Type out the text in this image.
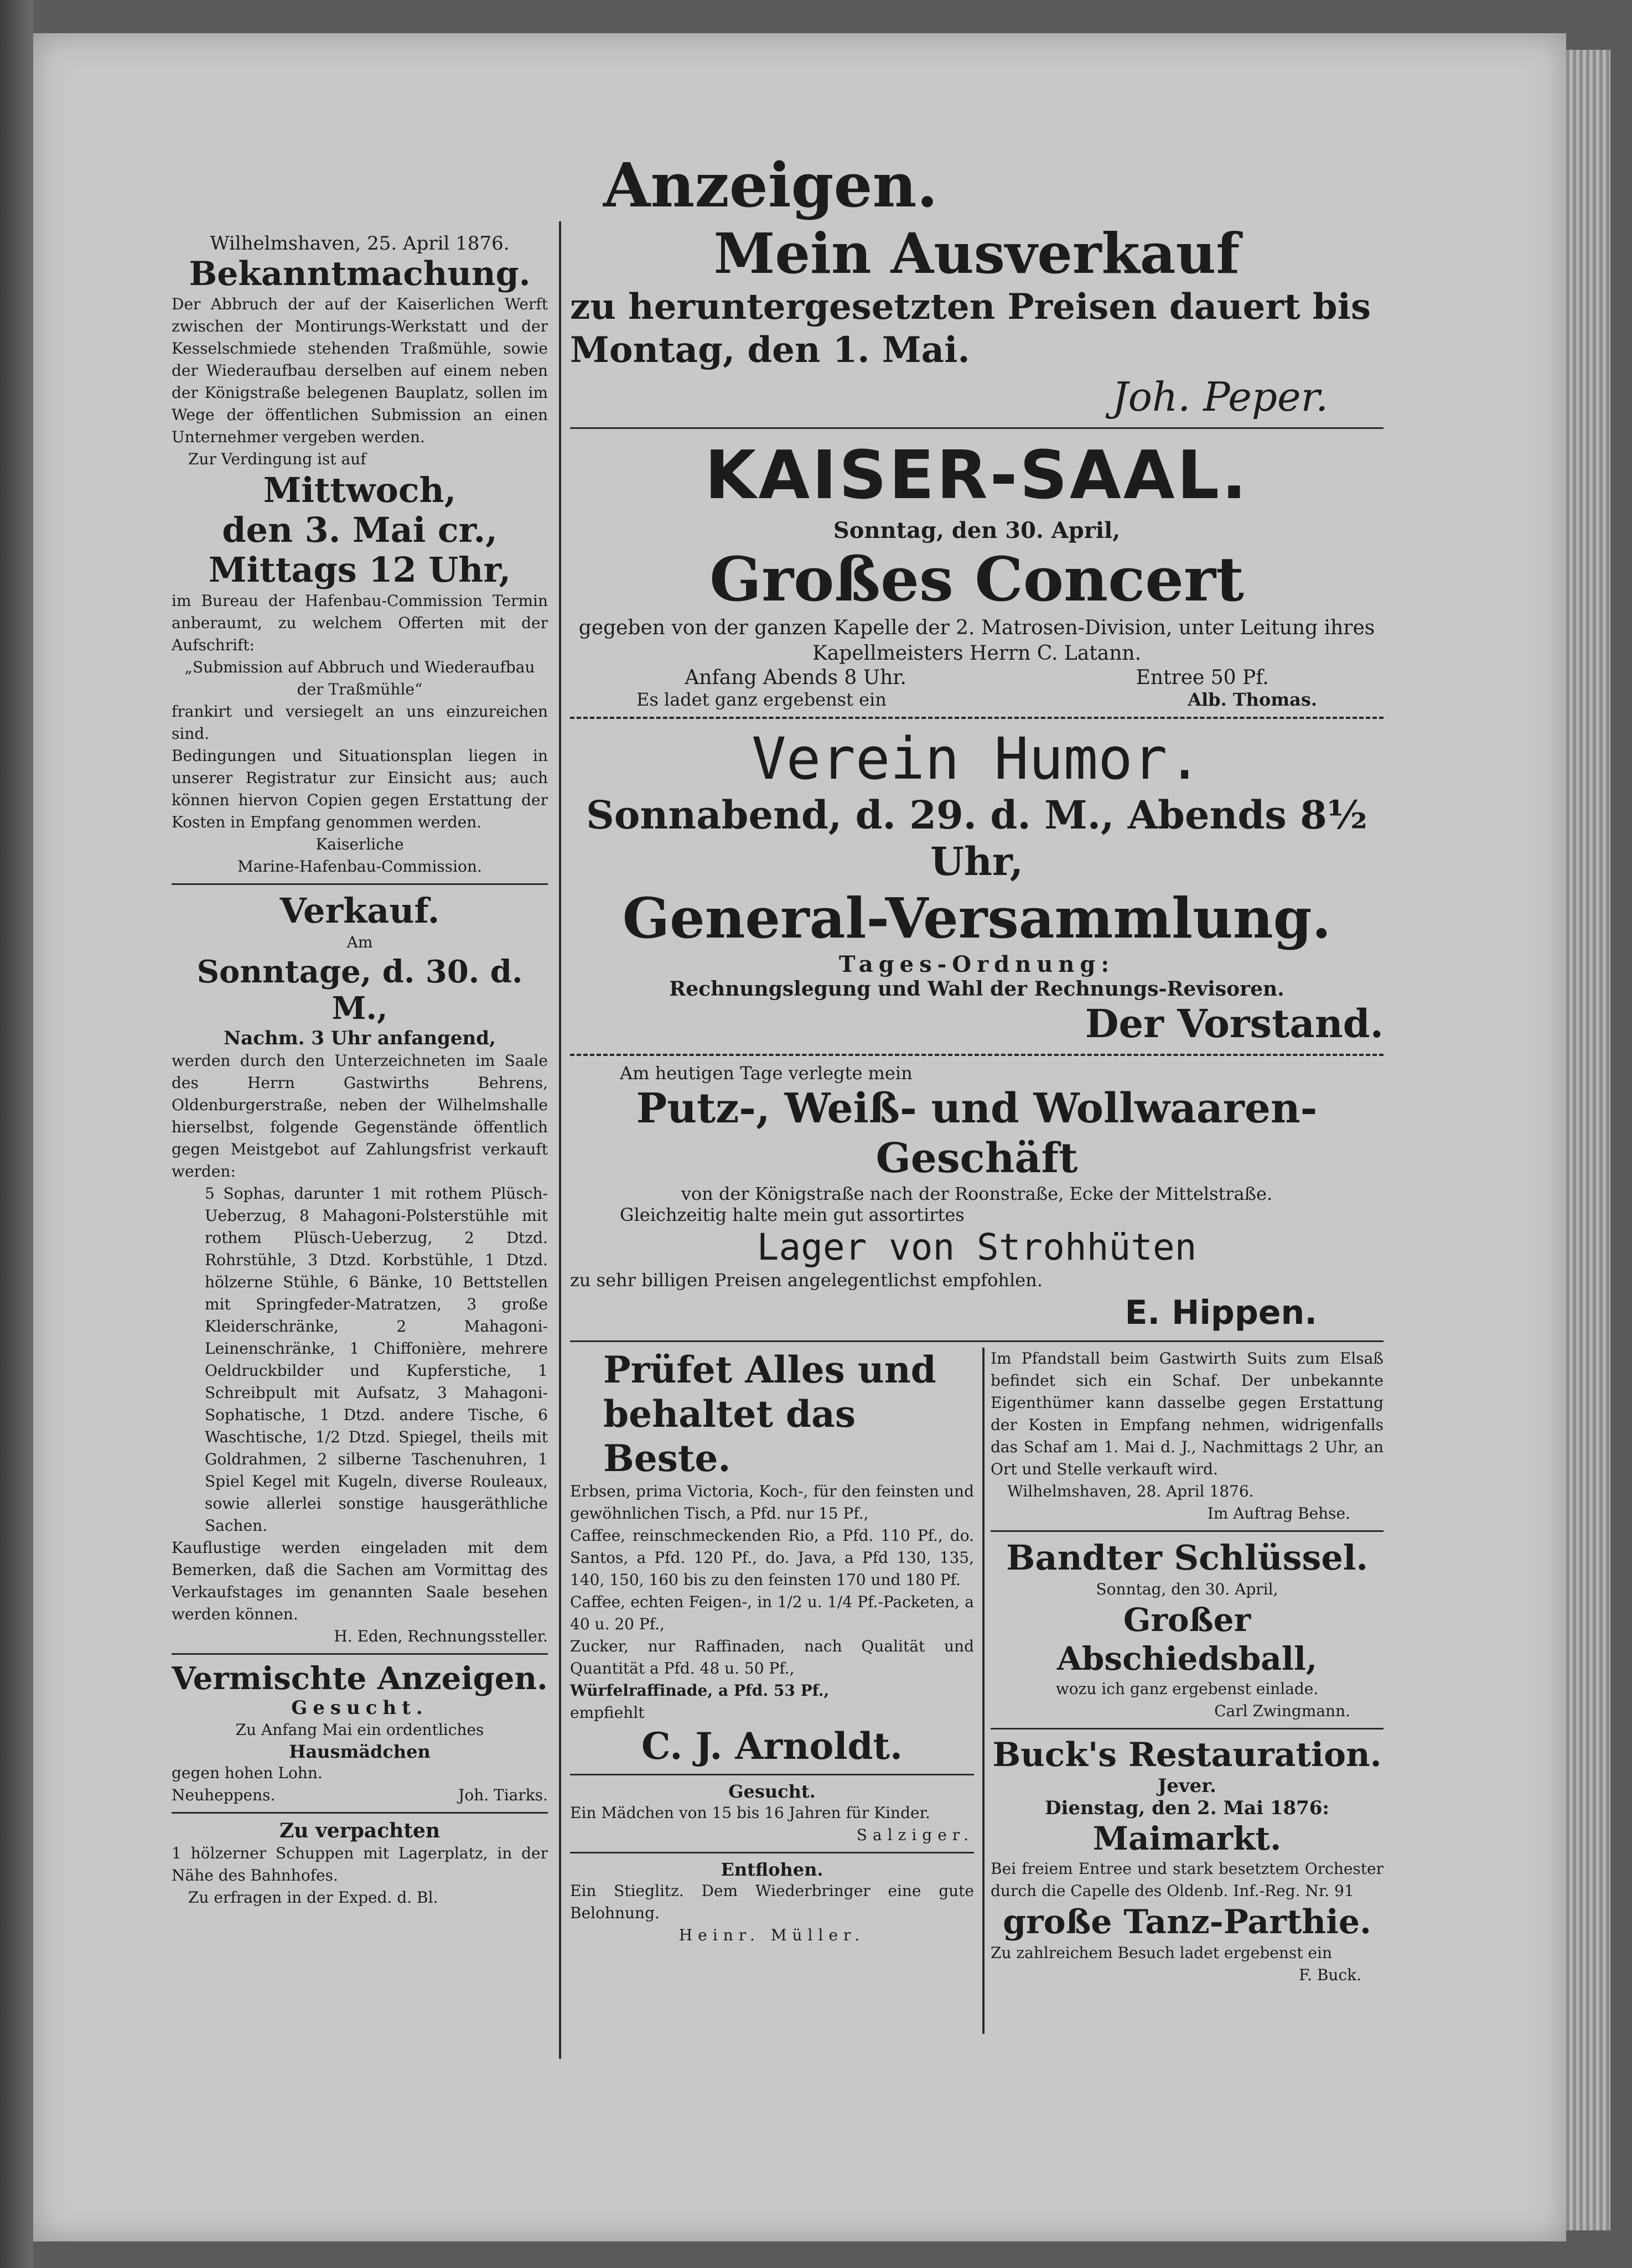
Wilhelmshaven, 25. April 1876.

Bekanntmachung.

Der Abbruch der auf der Kaiserlichen Werft zwischen der Montirungs-Werkstatt und der Kesselschmiede stehenden Traßmühle, sowie der Wiederaufbau derselben auf einem neben der Königstraße belegenen Bauplatz, sollen im Wege der öffentlichen Submission an einen Unternehmer vergeben werden.

Zur Verdingung ist auf

Mittwoch,

den 3. Mai cr.,

Mittags 12 Uhr,

im Bureau der Hafenbau-Commission Termin anberaumt, zu welchem Offerten mit der Aufschrift:

„Submission auf Abbruch und Wiederaufbau der Traßmühle“

frankirt und versiegelt an uns einzureichen sind.

Bedingungen und Situationsplan liegen in unserer Registratur zur Einsicht aus; auch können hiervon Copien gegen Erstattung der Kosten in Empfang genommen werden.

Kaiserliche

Marine-Hafenbau-Commission.

Verkauf.

Am

Sonntage, d. 30. d. M.,

Nachm. 3 Uhr anfangend,

werden durch den Unterzeichneten im Saale des Herrn Gastwirths Behrens, Oldenburgerstraße, neben der Wilhelmshalle hierselbst, folgende Gegenstände öffentlich gegen Meistgebot auf Zahlungsfrist verkauft werden:

5 Sophas, darunter 1 mit rothem Plüsch-Ueberzug, 8 Mahagoni-Polsterstühle mit rothem Plüsch-Ueberzug, 2 Dtzd. Rohrstühle, 3 Dtzd. Korbstühle, 1 Dtzd. hölzerne Stühle, 6 Bänke, 10 Bettstellen mit Springfeder-Matratzen, 3 große Kleiderschränke, 2 Mahagoni-Leinenschränke, 1 Chiffonière, mehrere Oeldruckbilder und Kupferstiche, 1 Schreibpult mit Aufsatz, 3 Mahagoni-Sophatische, 1 Dtzd. andere Tische, 6 Waschtische, 1/2 Dtzd. Spiegel, theils mit Goldrahmen, 2 silberne Taschenuhren, 1 Spiel Kegel mit Kugeln, diverse Rouleaux, sowie allerlei sonstige hausgeräthliche Sachen.

Kauflustige werden eingeladen mit dem Bemerken, daß die Sachen am Vormittag des Verkaufstages im genannten Saale besehen werden können.

H. Eden, Rechnungssteller.

Vermischte Anzeigen.

Gesucht.

Zu Anfang Mai ein ordentliches

Hausmädchen

gegen hohen Lohn.

Neuheppens.	Joh. Tiarks.

Zu verpachten

1 hölzerner Schuppen mit Lagerplatz, in der Nähe des Bahnhofes.

Zu erfragen in der Exped. d. Bl.

Anzeigen.

Mein Ausverkauf

zu heruntergesetzten Preisen dauert bis Montag, den 1. Mai.

Joh. Peper.

KAISER-SAAL.

Sonntag, den 30. April,

Großes Concert

gegeben von der ganzen Kapelle der 2. Matrosen-Division, unter Leitung ihres Kapellmeisters Herrn C. Latann.

Anfang Abends 8 Uhr.	Entree 50 Pf.
Es ladet ganz ergebenst ein	Alb. Thomas.

Verein Humor.

Sonnabend, d. 29. d. M., Abends 8½ Uhr,

General-Versammlung.

Tages-Ordnung:

Rechnungslegung und Wahl der Rechnungs-Revisoren.

Der Vorstand.

Am heutigen Tage verlegte mein

Putz-, Weiß- und Wollwaaren-Geschäft

von der Königstraße nach der Roonstraße, Ecke der Mittelstraße.

Gleichzeitig halte mein gut assortirtes

Lager von Strohhüten

zu sehr billigen Preisen angelegentlichst empfohlen.

E. Hippen.

Prüfet Alles und behaltet das Beste.

Erbsen, prima Victoria, Koch-, für den feinsten und gewöhnlichen Tisch, a Pfd. nur 15 Pf.,

Caffee, reinschmeckenden Rio, a Pfd. 110 Pf., do. Santos, a Pfd. 120 Pf., do. Java, a Pfd 130, 135, 140, 150, 160 bis zu den feinsten 170 und 180 Pf.

Caffee, echten Feigen-, in 1/2 u. 1/4 Pf.-Packeten, a 40 u. 20 Pf.,

Zucker, nur Raffinaden, nach Qualität und Quantität a Pfd. 48 u. 50 Pf.,

Würfelraffinade, a Pfd. 53 Pf.,

empfiehlt

C. J. Arnoldt.

Gesucht.

Ein Mädchen von 15 bis 16 Jahren für Kinder.

Salziger.

Entflohen.

Ein Stieglitz. Dem Wiederbringer eine gute Belohnung.

Heinr. Müller.

Im Pfandstall beim Gastwirth Suits zum Elsaß befindet sich ein Schaf. Der unbekannte Eigenthümer kann dasselbe gegen Erstattung der Kosten in Empfang nehmen, widrigenfalls das Schaf am 1. Mai d. J., Nachmittags 2 Uhr, an Ort und Stelle verkauft wird.

Wilhelmshaven, 28. April 1876.

Im Auftrag Behse.

Bandter Schlüssel.

Sonntag, den 30. April,

Großer Abschiedsball,

wozu ich ganz ergebenst einlade.

Carl Zwingmann.

Buck's Restauration.

Jever.

Dienstag, den 2. Mai 1876:

Maimarkt.

Bei freiem Entree und stark besetztem Orchester durch die Capelle des Oldenb. Inf.-Reg. Nr. 91

große Tanz-Parthie.

Zu zahlreichem Besuch ladet ergebenst ein

F. Buck.
